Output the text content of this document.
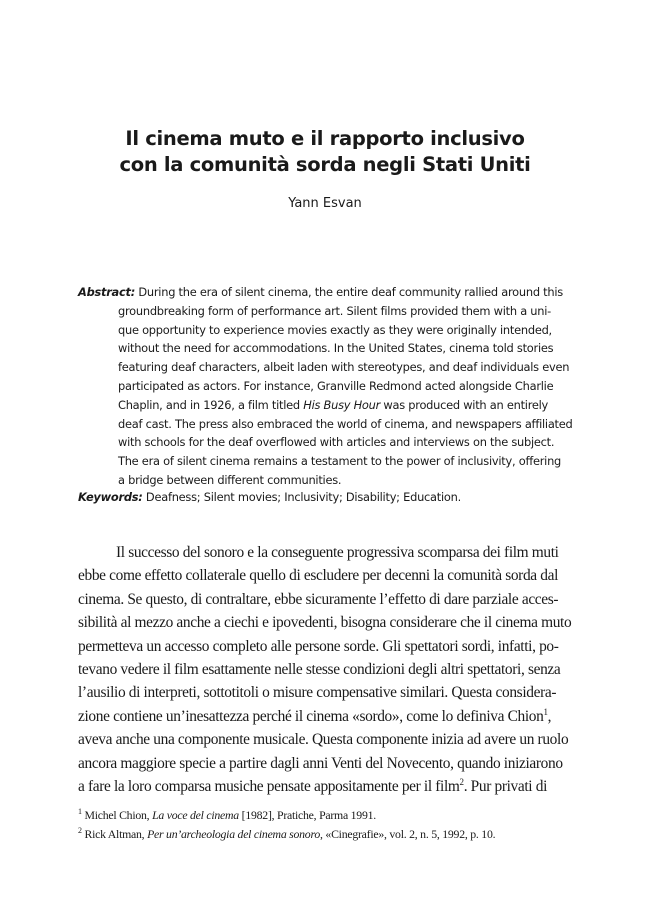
Il cinema muto e il rapporto inclusivo
con la comunità sorda negli Stati Uniti
Yann Esvan
Abstract: During the era of silent cinema, the entire deaf community rallied around this
groundbreaking form of performance art. Silent films provided them with a uni-
que opportunity to experience movies exactly as they were originally intended,
without the need for accommodations. In the United States, cinema told stories
featuring deaf characters, albeit laden with stereotypes, and deaf individuals even
participated as actors. For instance, Granville Redmond acted alongside Charlie
Chaplin, and in 1926, a film titled His Busy Hour was produced with an entirely
deaf cast. The press also embraced the world of cinema, and newspapers affiliated
with schools for the deaf overflowed with articles and interviews on the subject.
The era of silent cinema remains a testament to the power of inclusivity, offering
a bridge between different communities.
Keywords: Deafness; Silent movies; Inclusivity; Disability; Education.
Il successo del sonoro e la conseguente progressiva scomparsa dei film muti
ebbe come effetto collaterale quello di escludere per decenni la comunità sorda dal
cinema. Se questo, di contraltare, ebbe sicuramente l’effetto di dare parziale acces-
sibilità al mezzo anche a ciechi e ipovedenti, bisogna considerare che il cinema muto
permetteva un accesso completo alle persone sorde. Gli spettatori sordi, infatti, po-
tevano vedere il film esattamente nelle stesse condizioni degli altri spettatori, senza
l’ausilio di interpreti, sottotitoli o misure compensative similari. Questa considera-
zione contiene un’inesattezza perché il cinema «sordo», come lo definiva Chion$^1$,
aveva anche una componente musicale. Questa componente inizia ad avere un ruolo
ancora maggiore specie a partire dagli anni Venti del Novecento, quando iniziarono
a fare la loro comparsa musiche pensate appositamente per il film$^2$. Pur privati di
$^1$ Michel Chion, La voce del cinema [1982], Pratiche, Parma 1991.
$^2$ Rick Altman, Per un’archeologia del cinema sonoro, «Cinegrafie», vol. 2, n. 5, 1992, p. 10.
